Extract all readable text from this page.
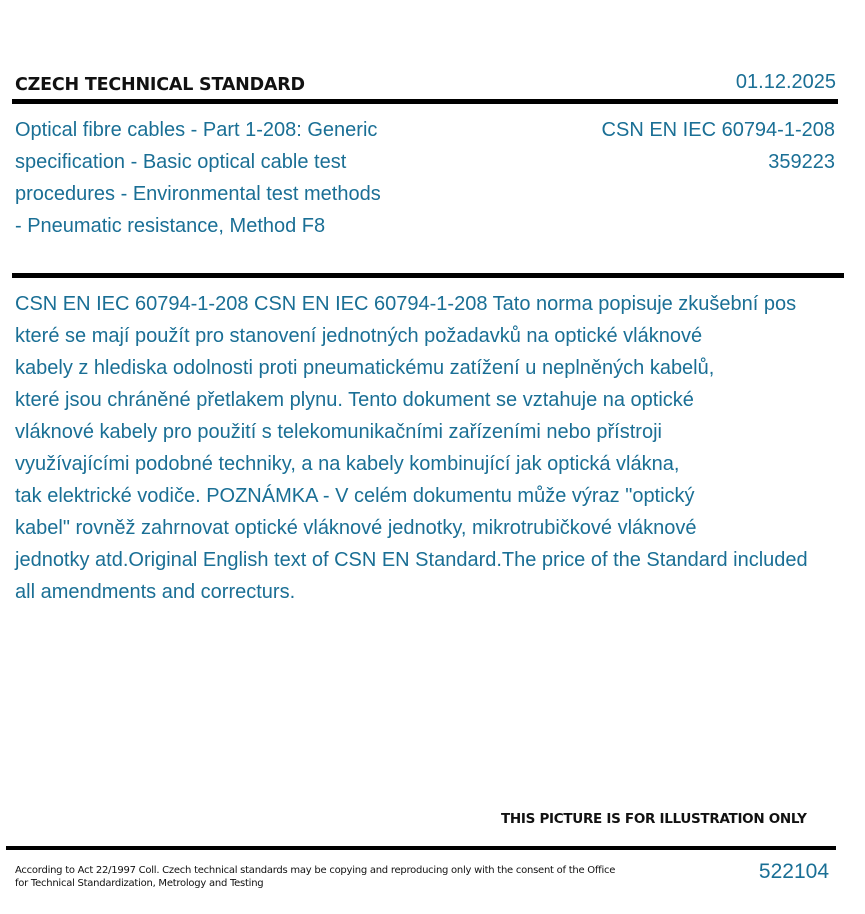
CZECH TECHNICAL STANDARD	01.12.2025
Optical fibre cables - Part 1-208: Generic
specification - Basic optical cable test
procedures - Environmental test methods
- Pneumatic resistance, Method F8
CSN EN IEC 60794-1-208
359223
CSN EN IEC 60794-1-208 CSN EN IEC 60794-1-208 Tato norma popisuje zkušební pos
které se mají použít pro stanovení jednotných požadavků na optické vláknové
kabely z hlediska odolnosti proti pneumatickému zatížení u neplněných kabelů,
které jsou chráněné přetlakem plynu. Tento dokument se vztahuje na optické
vláknové kabely pro použití s telekomunikačními zařízeními nebo přístroji
využívajícími podobné techniky, a na kabely kombinující jak optická vlákna,
tak elektrické vodiče. POZNÁMKA - V celém dokumentu může výraz "optický
kabel" rovněž zahrnovat optické vláknové jednotky, mikrotrubičkové vláknové
jednotky atd.Original English text of CSN EN Standard.The price of the Standard included
all amendments and correcturs.
THIS PICTURE IS FOR ILLUSTRATION ONLY
According to Act 22/1997 Coll. Czech technical standards may be copying and reproducing only with the consent of the Office
for Technical Standardization, Metrology and Testing
522104
